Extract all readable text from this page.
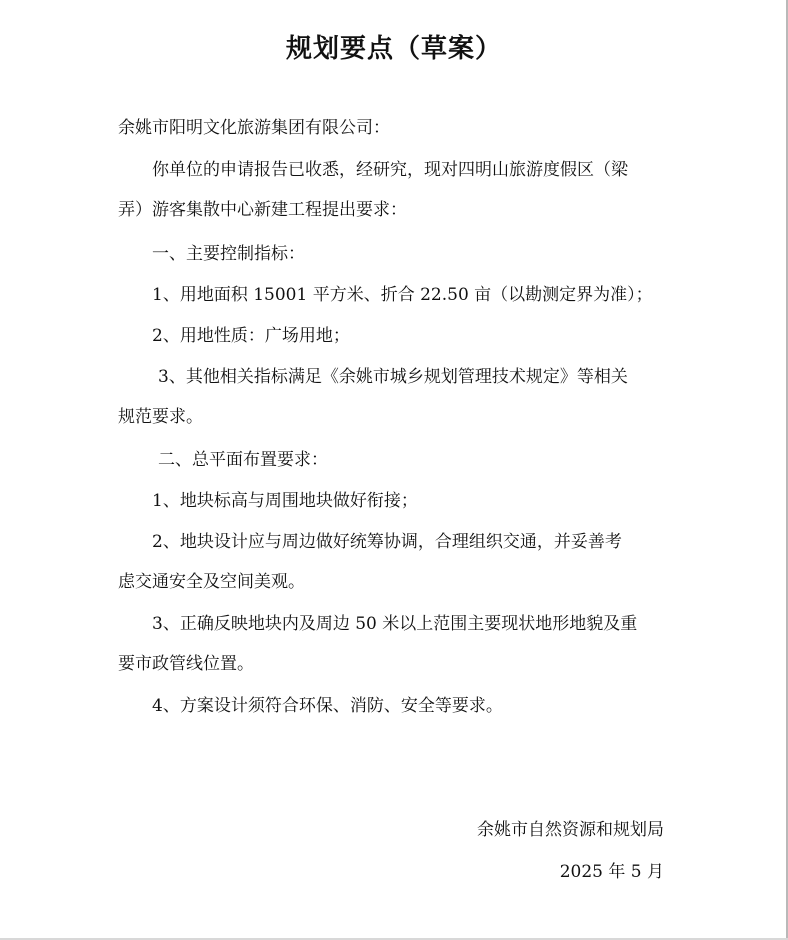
规划要点（草案）
余姚市阳明文化旅游集团有限公司：
你单位的申请报告已收悉，经研究，现对四明山旅游度假区（梁
弄）游客集散中心新建工程提出要求：
一、主要控制指标：
1、用地面积 15001 平方米、折合 22.50 亩（以勘测定界为准）；
2、用地性质：广场用地；
3、其他相关指标满足《余姚市城乡规划管理技术规定》等相关
规范要求。
二、总平面布置要求：
1、地块标高与周围地块做好衔接；
2、地块设计应与周边做好统筹协调，合理组织交通，并妥善考
虑交通安全及空间美观。
3、正确反映地块内及周边 50 米以上范围主要现状地形地貌及重
要市政管线位置。
4、方案设计须符合环保、消防、安全等要求。
余姚市自然资源和规划局
2025 年 5 月
